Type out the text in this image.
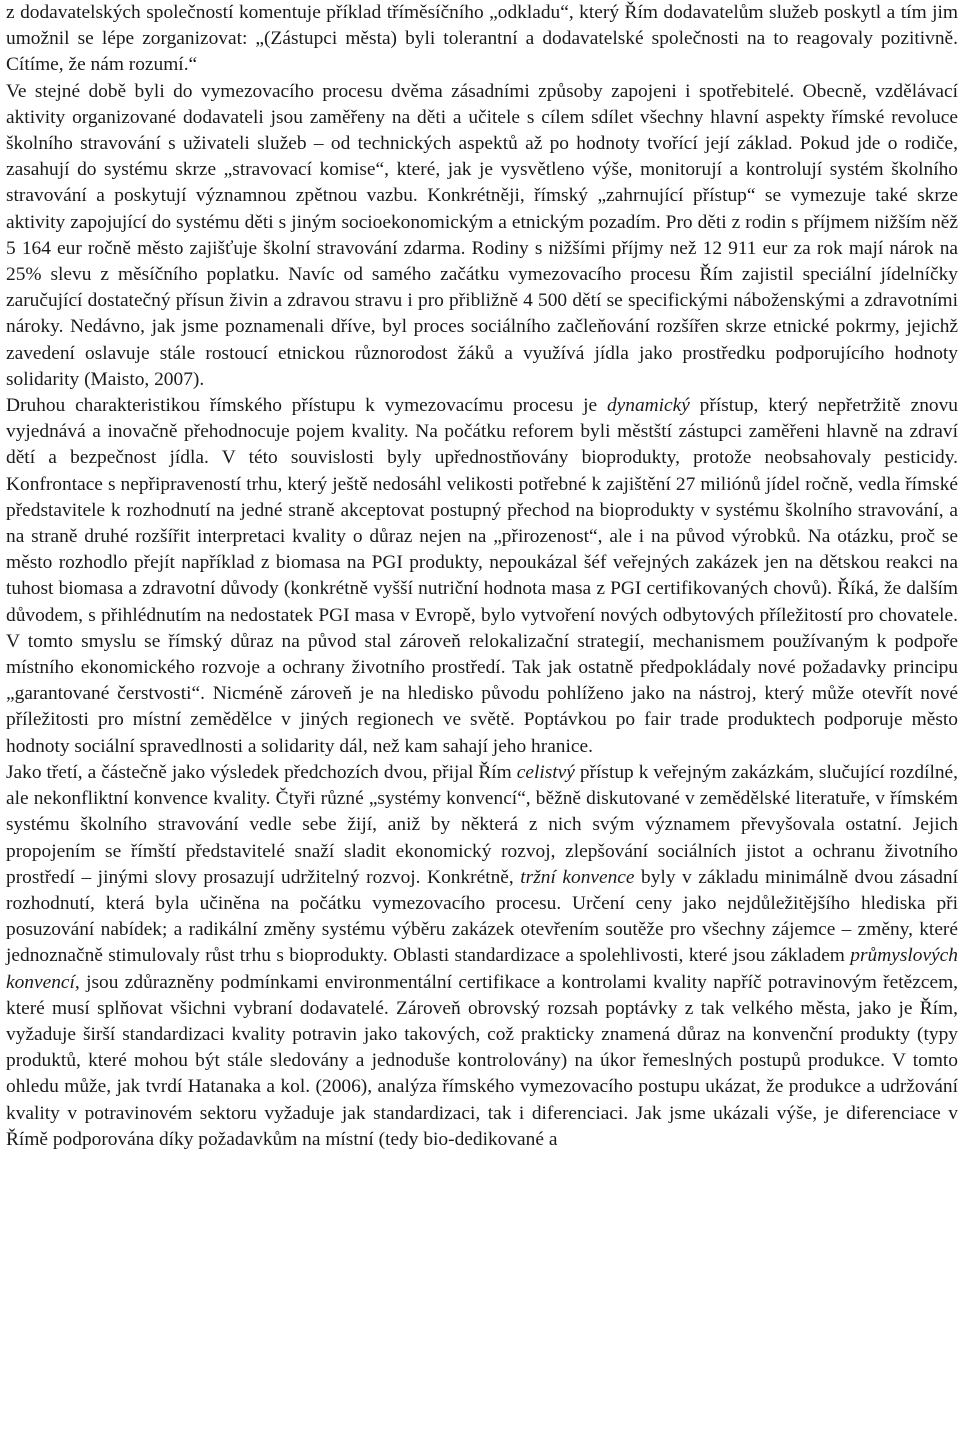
z dodavatelských společností komentuje příklad tříměsíčního „odkladu“, který Řím dodavatelům služeb poskytl a tím jim umožnil se lépe zorganizovat: „(Zástupci města) byli tolerantní a dodavatelské společnosti na to reagovaly pozitivně. Cítíme, že nám rozumí.“

Ve stejné době byli do vymezovacího procesu dvěma zásadními způsoby zapojeni i spotřebitelé. Obecně, vzdělávací aktivity organizované dodavateli jsou zaměřeny na děti a učitele s cílem sdílet všechny hlavní aspekty římské revoluce školního stravování s uživateli služeb – od technických aspektů až po hodnoty tvořící její základ. Pokud jde o rodiče, zasahují do systému skrze „stravovací komise“, které, jak je vysvětleno výše, monitorují a kontrolují systém školního stravování a poskytují významnou zpětnou vazbu. Konkrétněji, římský „zahrnující přístup“ se vymezuje také skrze aktivity zapojující do systému děti s jiným socioekonomickým a etnickým pozadím. Pro děti z rodin s příjmem nižším něž 5 164 eur ročně město zajišťuje školní stravování zdarma. Rodiny s nižšími příjmy než 12 911 eur za rok mají nárok na 25% slevu z měsíčního poplatku. Navíc od samého začátku vymezovacího procesu Řím zajistil speciální jídelníčky zaručující dostatečný přísun živin a zdravou stravu i pro přibližně 4 500 dětí se specifickými náboženskými a zdravotními nároky. Nedávno, jak jsme poznamenali dříve, byl proces sociálního začleňování rozšířen skrze etnické pokrmy, jejichž zavedení oslavuje stále rostoucí etnickou různorodost žáků a využívá jídla jako prostředku podporujícího hodnoty solidarity (Maisto, 2007).

Druhou charakteristikou římského přístupu k vymezovacímu procesu je dynamický přístup, který nepřetržitě znovu vyjednává a inovačně přehodnocuje pojem kvality. Na počátku reforem byli městští zástupci zaměřeni hlavně na zdraví dětí a bezpečnost jídla. V této souvislosti byly upřednostňovány bioprodukty, protože neobsahovaly pesticidy. Konfrontace s nepřipraveností trhu, který ještě nedosáhl velikosti potřebné k zajištění 27 miliónů jídel ročně, vedla římské představitele k rozhodnutí na jedné straně akceptovat postupný přechod na bioprodukty v systému školního stravování, a na straně druhé rozšířit interpretaci kvality o důraz nejen na „přirozenost“, ale i na původ výrobků. Na otázku, proč se město rozhodlo přejít například z biomasa na PGI produkty, nepoukázal šéf veřejných zakázek jen na dětskou reakci na tuhost biomasa a zdravotní důvody (konkrétně vyšší nutriční hodnota masa z PGI certifikovaných chovů). Říká, že dalším důvodem, s přihlédnutím na nedostatek PGI masa v Evropě, bylo vytvoření nových odbytových příležitostí pro chovatele. V tomto smyslu se římský důraz na původ stal zároveň relokalizační strategií, mechanismem používaným k podpoře místního ekonomického rozvoje a ochrany životního prostředí. Tak jak ostatně předpokládaly nové požadavky principu „garantované čerstvosti“. Nicméně zároveň je na hledisko původu pohlíženo jako na nástroj, který může otevřít nové příležitosti pro místní zemědělce v jiných regionech ve světě. Poptávkou po fair trade produktech podporuje město hodnoty sociální spravedlnosti a solidarity dál, než kam sahají jeho hranice.

Jako třetí, a částečně jako výsledek předchozích dvou, přijal Řím celistvý přístup k veřejným zakázkám, slučující rozdílné, ale nekonfliktní konvence kvality. Čtyři různé „systémy konvencí“, běžně diskutované v zemědělské literatuře, v římském systému školního stravování vedle sebe žijí, aniž by některá z nich svým významem převyšovala ostatní. Jejich propojením se římští představitelé snaží sladit ekonomický rozvoj, zlepšování sociálních jistot a ochranu životního prostředí – jinými slovy prosazují udržitelný rozvoj. Konkrétně, tržní konvence byly v základu minimálně dvou zásadní rozhodnutí, která byla učiněna na počátku vymezovacího procesu. Určení ceny jako nejdůležitějšího hlediska při posuzování nabídek; a radikální změny systému výběru zakázek otevřením soutěže pro všechny zájemce – změny, které jednoznačně stimulovaly růst trhu s bioprodukty. Oblasti standardizace a spolehlivosti, které jsou základem průmyslových konvencí, jsou zdůrazněny podmínkami environmentální certifikace a kontrolami kvality napříč potravinovým řetězcem, které musí splňovat všichni vybraní dodavatelé. Zároveň obrovský rozsah poptávky z tak velkého města, jako je Řím, vyžaduje širší standardizaci kvality potravin jako takových, což prakticky znamená důraz na konvenční produkty (typy produktů, které mohou být stále sledovány a jednoduše kontrolovány) na úkor řemeslných postupů produkce. V tomto ohledu může, jak tvrdí Hatanaka a kol. (2006), analýza římského vymezovacího postupu ukázat, že produkce a udržování kvality v potravinovém sektoru vyžaduje jak standardizaci, tak i diferenciaci. Jak jsme ukázali výše, je diferenciace v Římě podporována díky požadavkům na místní (tedy bio-dedikované a
